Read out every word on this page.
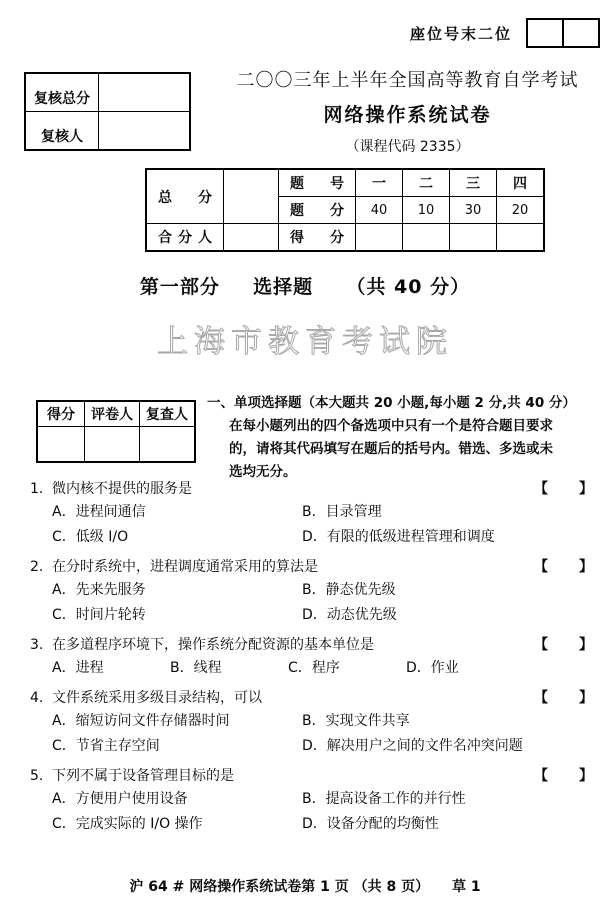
座位号末二位
复核总分	
复核人	
二〇〇三年上半年全国高等教育自学考试
网络操作系统试卷
（课程代码 2335）
总　分		题　号	一	二	三	四
		题　分	40	10	30	20
合分人		得　分				
第一部分 选择题 （共 40 分）
上海市教育考试院
得分	评卷人	复查人

一、单项选择题（本大题共 20 小题,每小题 2 分,共 40 分）
在每小题列出的四个备选项中只有一个是符合题目要求
的，请将其代码填写在题后的括号内。错选、多选或未
选均无分。
1. 微内核不提供的服务是	【　　】
A．进程间通信	B．目录管理
C．低级 I/O	D．有限的低级进程管理和调度
2. 在分时系统中，进程调度通常采用的算法是	【　　】
A．先来先服务	B．静态优先级
C．时间片轮转	D．动态优先级
3. 在多道程序环境下，操作系统分配资源的基本单位是	【　　】
A．进程	B．线程	C．程序	D．作业
4. 文件系统采用多级目录结构，可以	【　　】
A．缩短访问文件存储器时间	B．实现文件共享
C．节省主存空间	D．解决用户之间的文件名冲突问题
5. 下列不属于设备管理目标的是	【　　】
A．方便用户使用设备	B．提高设备工作的并行性
C．完成实际的 I/O 操作	D．设备分配的均衡性
沪 64 # 网络操作系统试卷第 1 页 （共 8 页） 草 1
